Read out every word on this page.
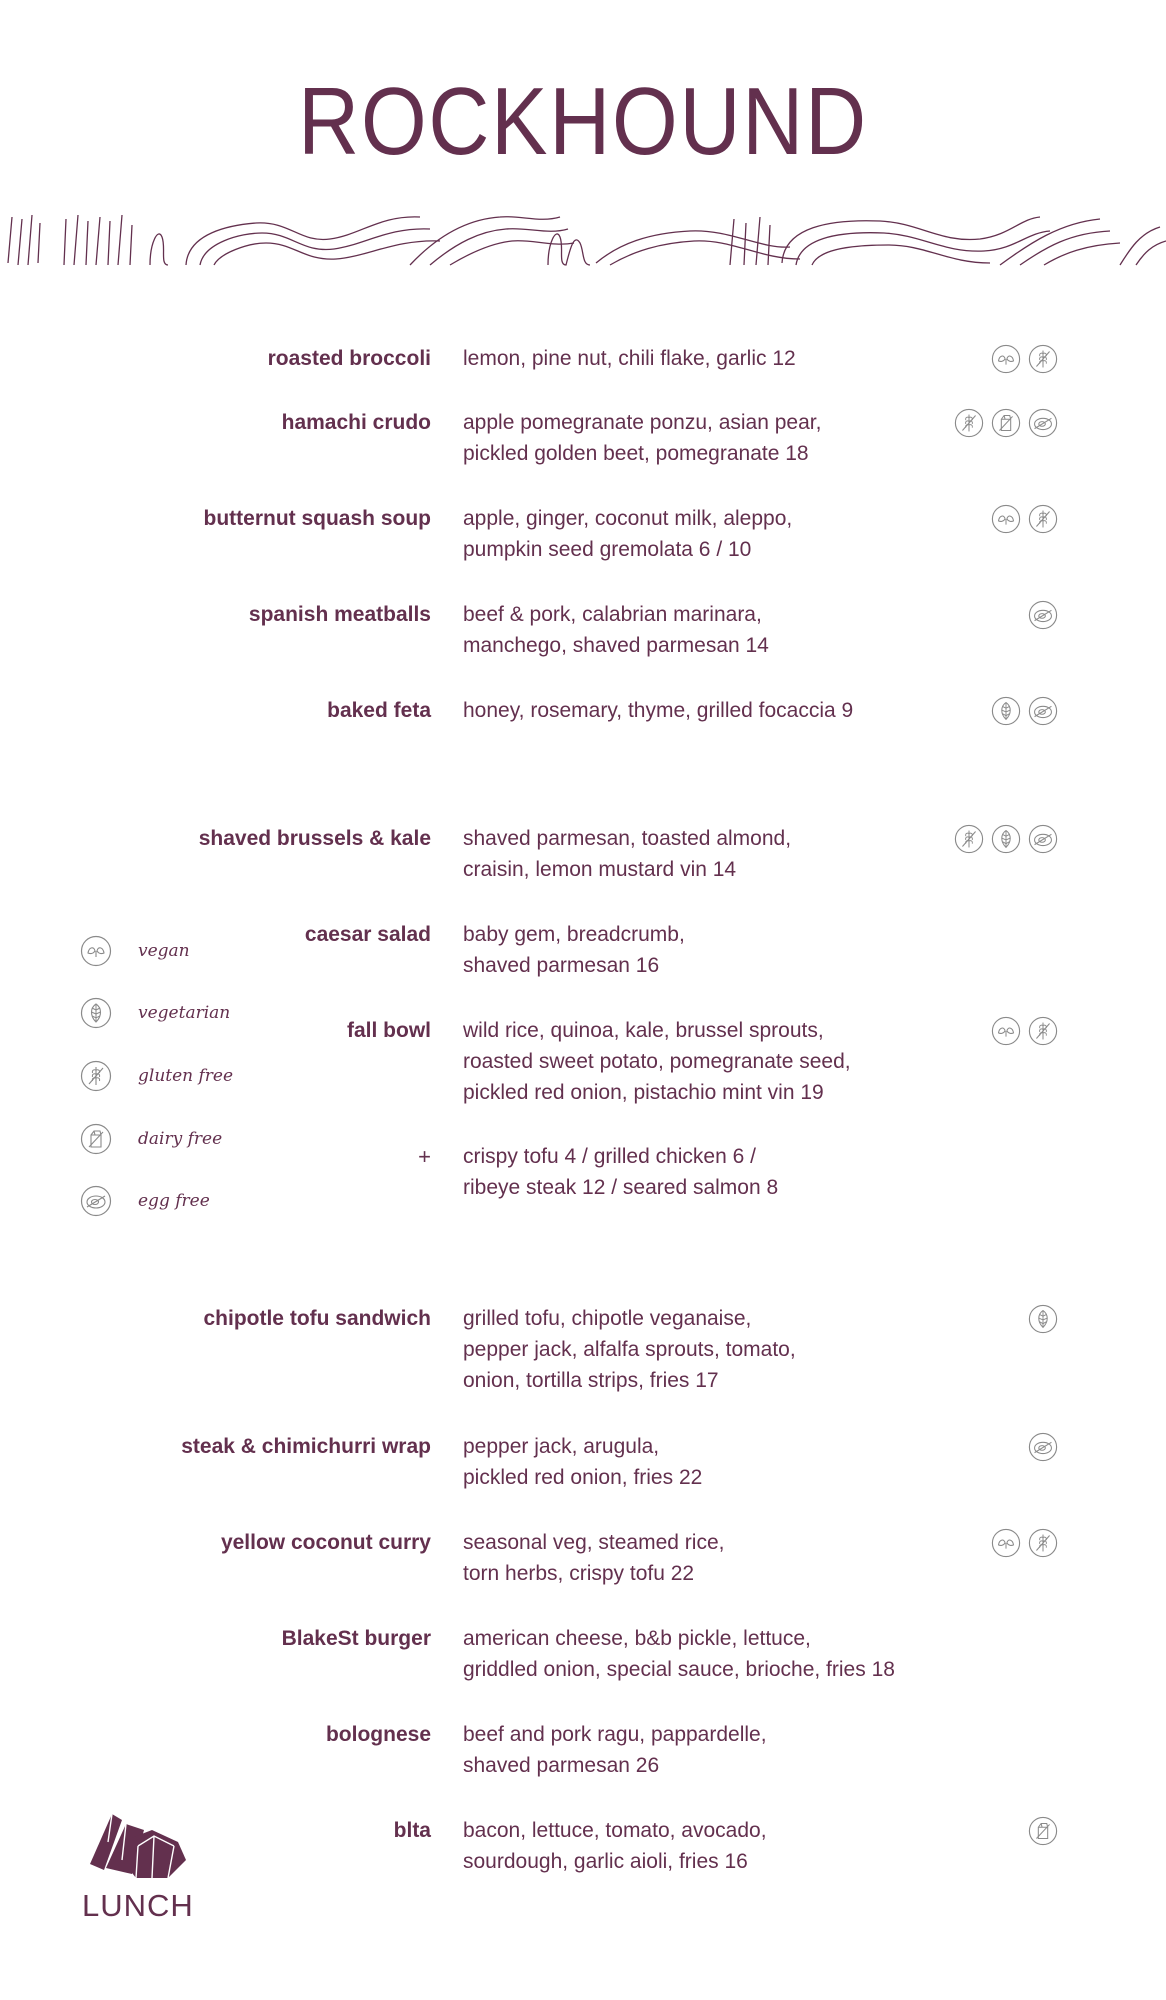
ROCKHOUND
roasted broccoli lemon, pine nut, chili flake, garlic 12
hamachi crudo apple pomegranate ponzu, asian pear,
pickled golden beet, pomegranate 18
butternut squash soup apple, ginger, coconut milk, aleppo,
pumpkin seed gremolata 6 / 10
spanish meatballs beef & pork, calabrian marinara,
manchego, shaved parmesan 14
baked feta honey, rosemary, thyme, grilled focaccia 9
shaved brussels & kale shaved parmesan, toasted almond,
craisin, lemon mustard vin 14
caesar salad baby gem, breadcrumb,
shaved parmesan 16
fall bowl wild rice, quinoa, kale, brussel sprouts,
roasted sweet potato, pomegranate seed,
pickled red onion, pistachio mint vin 19
chipotle tofu sandwich grilled tofu, chipotle veganaise,
pepper jack, alfalfa sprouts, tomato,
onion, tortilla strips, fries 17
steak & chimichurri wrap pepper jack, arugula,
pickled red onion, fries 22
yellow coconut curry seasonal veg, steamed rice,
torn herbs, crispy tofu 22
BlakeSt burger american cheese, b&b pickle, lettuce,
griddled onion, special sauce, brioche, fries 18
bolognese beef and pork ragu, pappardelle,
shaved parmesan 26
blta bacon, lettuce, tomato, avocado,
sourdough, garlic aioli, fries 16
+ crispy tofu 4 / grilled chicken 6 /
ribeye steak 12 / seared salmon 8
vegan
vegetarian
gluten free
dairy free
egg free
LUNCH
